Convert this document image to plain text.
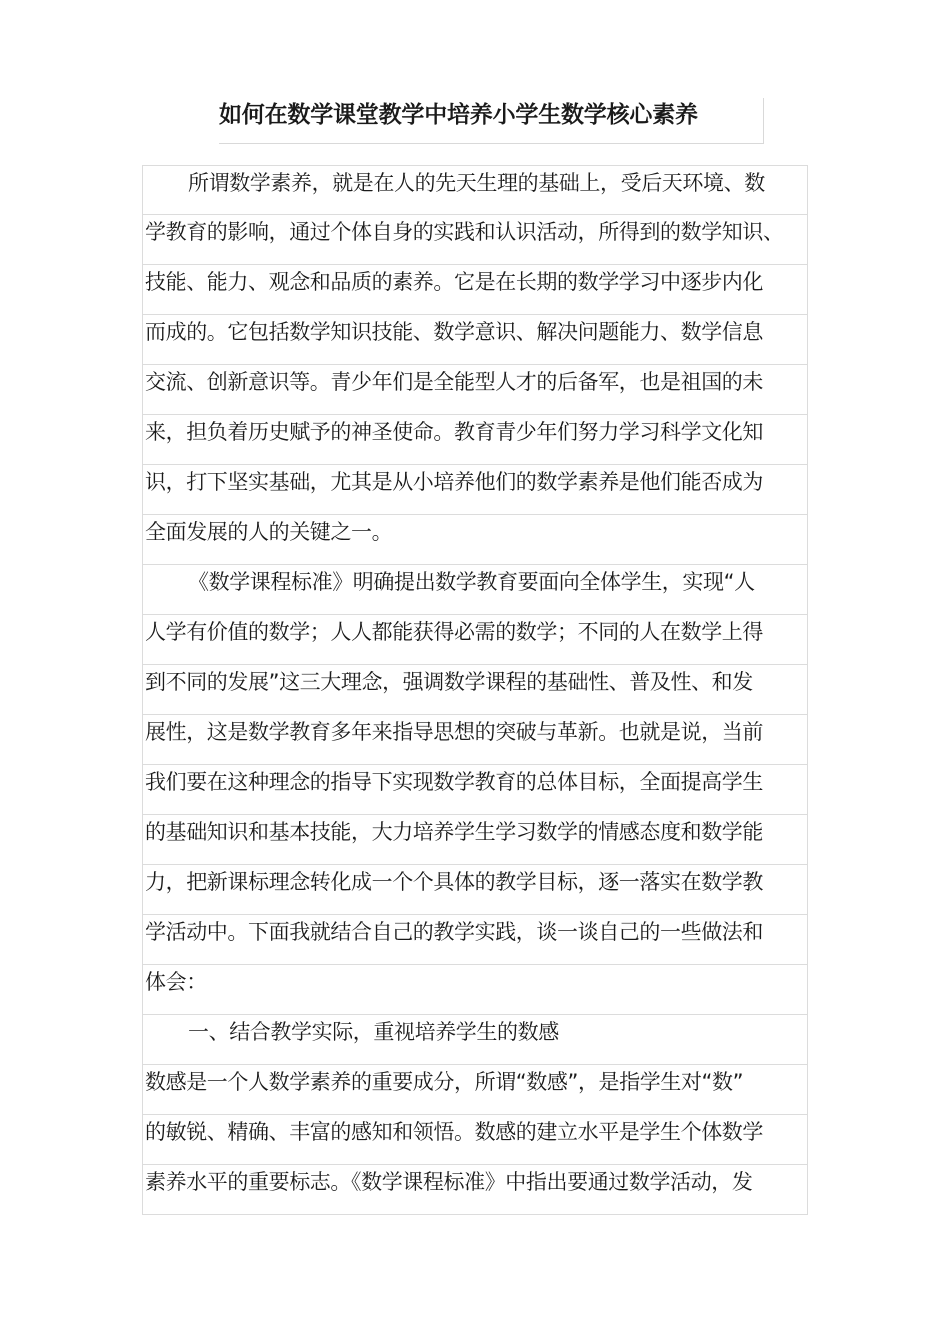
如何在数学课堂教学中培养小学生数学核心素养
所谓数学素养，就是在人的先天生理的基础上，受后天环境、数
学教育的影响，通过个体自身的实践和认识活动，所得到的数学知识、
技能、能力、观念和品质的素养。它是在长期的数学学习中逐步内化
而成的。它包括数学知识技能、数学意识、解决问题能力、数学信息
交流、创新意识等。青少年们是全能型人才的后备军，也是祖国的未
来，担负着历史赋予的神圣使命。教育青少年们努力学习科学文化知
识，打下坚实基础，尤其是从小培养他们的数学素养是他们能否成为
全面发展的人的关键之一。
《数学课程标准》明确提出数学教育要面向全体学生，实现“人
人学有价值的数学；人人都能获得必需的数学；不同的人在数学上得
到不同的发展”这三大理念，强调数学课程的基础性、普及性、和发
展性，这是数学教育多年来指导思想的突破与革新。也就是说，当前
我们要在这种理念的指导下实现数学教育的总体目标，全面提高学生
的基础知识和基本技能，大力培养学生学习数学的情感态度和数学能
力，把新课标理念转化成一个个具体的教学目标，逐一落实在数学教
学活动中。下面我就结合自己的教学实践，谈一谈自己的一些做法和
体会：
一、结合教学实际，重视培养学生的数感
数感是一个人数学素养的重要成分，所谓“数感”，是指学生对“数”
的敏锐、精确、丰富的感知和领悟。数感的建立水平是学生个体数学
素养水平的重要标志。《数学课程标准》中指出要通过数学活动，发
